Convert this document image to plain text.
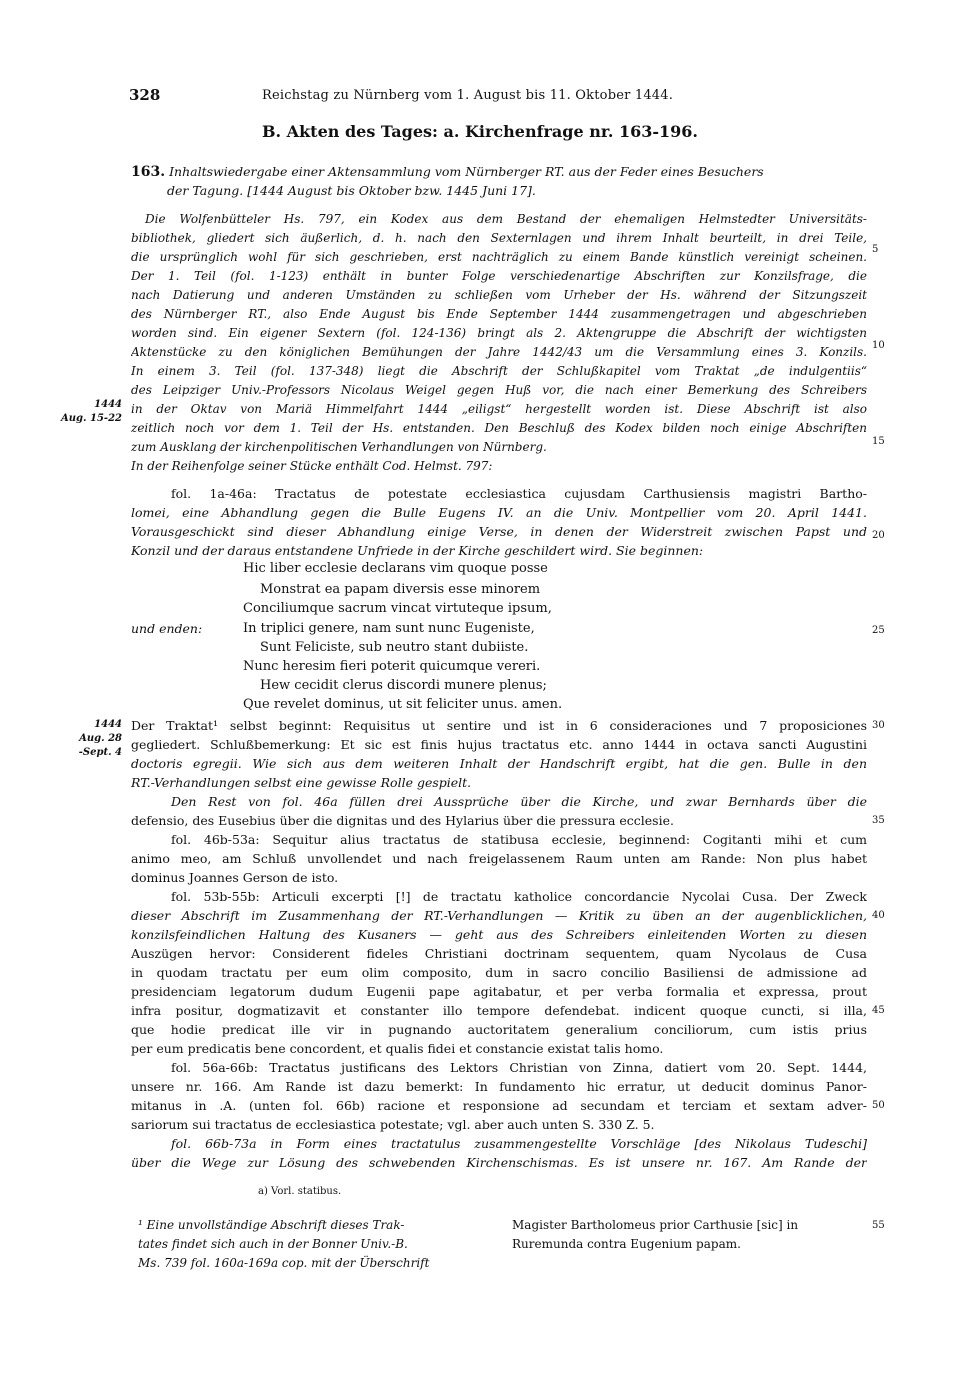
328	Reichstag zu Nürnberg vom 1. August bis 11. Oktober 1444.
B. Akten des Tages: a. Kirchenfrage nr. 163-196.
163. Inhaltswiedergabe einer Aktensammlung vom Nürnberger RT. aus der Feder eines Besuchers
der Tagung. [1444 August bis Oktober bzw. 1445 Juni 17].
Die Wolfenbütteler Hs. 797, ein Kodex aus dem Bestand der ehemaligen Helmstedter Universitäts-
bibliothek, gliedert sich äußerlich, d. h. nach den Sexternlagen und ihrem Inhalt beurteilt, in drei Teile,
die ursprünglich wohl für sich geschrieben, erst nachträglich zu einem Bande künstlich vereinigt scheinen.
Der 1. Teil (fol. 1-123) enthält in bunter Folge verschiedenartige Abschriften zur Konzilsfrage, die
nach Datierung und anderen Umständen zu schließen vom Urheber der Hs. während der Sitzungszeit
des Nürnberger RT., also Ende August bis Ende September 1444 zusammengetragen und abgeschrieben
worden sind. Ein eigener Sextern (fol. 124-136) bringt als 2. Aktengruppe die Abschrift der wichtigsten
Aktenstücke zu den königlichen Bemühungen der Jahre 1442/43 um die Versammlung eines 3. Konzils.
In einem 3. Teil (fol. 137-348) liegt die Abschrift der Schlußkapitel vom Traktat „de indulgentiis“
des Leipziger Univ.-Professors Nicolaus Weigel gegen Huß vor, die nach einer Bemerkung des Schreibers
in der Oktav von Mariä Himmelfahrt 1444 „eiligst“ hergestellt worden ist. Diese Abschrift ist also
zeitlich noch vor dem 1. Teil der Hs. entstanden. Den Beschluß des Kodex bilden noch einige Abschriften
zum Ausklang der kirchenpolitischen Verhandlungen von Nürnberg.
In der Reihenfolge seiner Stücke enthält Cod. Helmst. 797:
fol. 1a-46a: Tractatus de potestate ecclesiastica cujusdam Carthusiensis magistri Bartho-
lomei, eine Abhandlung gegen die Bulle Eugens IV. an die Univ. Montpellier vom 20. April 1441.
Vorausgeschickt sind dieser Abhandlung einige Verse, in denen der Widerstreit zwischen Papst und
Konzil und der daraus entstandene Unfriede in der Kirche geschildert wird. Sie beginnen:
Hic liber ecclesie declarans vim quoque posse
Monstrat ea papam diversis esse minorem
Conciliumque sacrum vincat virtuteque ipsum,
und enden:	In triplici genere, nam sunt nunc Eugeniste,
Sunt Feliciste, sub neutro stant dubiiste.
Nunc heresim fieri poterit quicumque vereri.
Hew cecidit clerus discordi munere plenus;
Que revelet dominus, ut sit feliciter unus. amen.
Der Traktat¹ selbst beginnt: Requisitus ut sentire und ist in 6 consideraciones und 7 proposiciones
gegliedert. Schlußbemerkung: Et sic est finis hujus tractatus etc. anno 1444 in octava sancti Augustini
doctoris egregii. Wie sich aus dem weiteren Inhalt der Handschrift ergibt, hat die gen. Bulle in den
RT.-Verhandlungen selbst eine gewisse Rolle gespielt.
Den Rest von fol. 46a füllen drei Aussprüche über die Kirche, und zwar Bernhards über die
defensio, des Eusebius über die dignitas und des Hylarius über die pressura ecclesie.
fol. 46b-53a: Sequitur alius tractatus de statibusa ecclesie, beginnend: Cogitanti mihi et cum
animo meo, am Schluß unvollendet und nach freigelassenem Raum unten am Rande: Non plus habet
dominus Joannes Gerson de isto.
fol. 53b-55b: Articuli excerpti [!] de tractatu katholice concordancie Nycolai Cusa. Der Zweck
dieser Abschrift im Zusammenhang der RT.-Verhandlungen — Kritik zu üben an der augenblicklichen,
konzilsfeindlichen Haltung des Kusaners — geht aus des Schreibers einleitenden Worten zu diesen
Auszügen hervor: Considerent fideles Christiani doctrinam sequentem, quam Nycolaus de Cusa
in quodam tractatu per eum olim composito, dum in sacro concilio Basiliensi de admissione ad
presidenciam legatorum dudum Eugenii pape agitabatur, et per verba formalia et expressa, prout
infra positur, dogmatizavit et constanter illo tempore defendebat. indicent quoque cuncti, si illa,
que hodie predicat ille vir in pugnando auctoritatem generalium conciliorum, cum istis prius
per eum predicatis bene concordent, et qualis fidei et constancie existat talis homo.
fol. 56a-66b: Tractatus justificans des Lektors Christian von Zinna, datiert vom 20. Sept. 1444,
unsere nr. 166. Am Rande ist dazu bemerkt: In fundamento hic erratur, ut deducit dominus Panor-
mitanus in .A. (unten fol. 66b) racione et responsione ad secundam et terciam et sextam adver-
sariorum sui tractatus de ecclesiastica potestate; vgl. aber auch unten S. 330 Z. 5.
fol. 66b-73a in Form eines tractatulus zusammengestellte Vorschläge [des Nikolaus Tudeschi]
über die Wege zur Lösung des schwebenden Kirchenschismas. Es ist unsere nr. 167. Am Rande der
a) Vorl. statibus.
¹ Eine unvollständige Abschrift dieses Trak-
tates findet sich auch in der Bonner Univ.-B.
Ms. 739 fol. 160a-169a cop. mit der Überschrift
Magister Bartholomeus prior Carthusie [sic] in
Ruremunda contra Eugenium papam.
1444
Aug. 15-22
1444
Aug. 28
-Sept. 4
5
10
15
20
25
30
35
40
45
50
55
